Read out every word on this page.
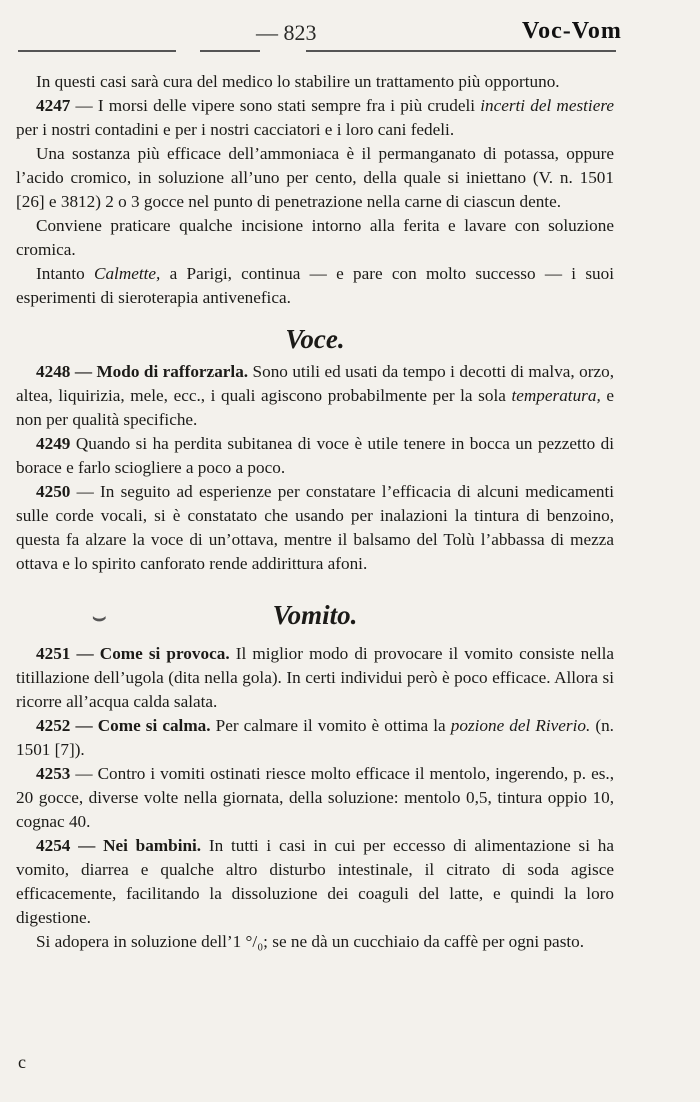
— 823	Voc-Vom

In questi casi sarà cura del medico lo stabilire un trattamento più opportuno.

4247 — I morsi delle vipere sono stati sempre fra i più crudeli incerti del mestiere per i nostri contadini e per i nostri cacciatori e i loro cani fedeli.

Una sostanza più efficace dell’ammoniaca è il permanganato di potassa, oppure l’acido cromico, in soluzione all’uno per cento, della quale si iniettano (V. n. 1501 [26] e 3812) 2 o 3 gocce nel punto di penetrazione nella carne di ciascun dente.

Conviene praticare qualche incisione intorno alla ferita e lavare con soluzione cromica.

Intanto Calmette, a Parigi, continua — e pare con molto successo — i suoi esperimenti di sieroterapia antivenefica.

Voce.

4248 — Modo di rafforzarla. Sono utili ed usati da tempo i decotti di malva, orzo, altea, liquirizia, mele, ecc., i quali agiscono probabilmente per la sola temperatura, e non per qualità specifiche.

4249 Quando si ha perdita subitanea di voce è utile tenere in bocca un pezzetto di borace e farlo sciogliere a poco a poco.

4250 — In seguito ad esperienze per constatare l’efficacia di alcuni medicamenti sulle corde vocali, si è constatato che usando per inalazioni la tintura di benzoino, questa fa alzare la voce di un’ottava, mentre il balsamo del Tolù l’abbassa di mezza ottava e lo spirito canforato rende addirittura afoni.

⌣	Vomito.

4251 — Come si provoca. Il miglior modo di provocare il vomito consiste nella titillazione dell’ugola (dita nella gola). In certi individui però è poco efficace. Allora si ricorre all’acqua calda salata.

4252 — Come si calma. Per calmare il vomito è ottima la pozione del Riverio. (n. 1501 [7]).

4253 — Contro i vomiti ostinati riesce molto efficace il mentolo, ingerendo, p. es., 20 gocce, diverse volte nella giornata, della soluzione: mentolo 0,5, tintura oppio 10, cognac 40.

4254 — Nei bambini. In tutti i casi in cui per eccesso di alimentazione si ha vomito, diarrea e qualche altro disturbo intestinale, il citrato di soda agisce efficacemente, facilitando la dissoluzione dei coaguli del latte, e quindi la loro digestione.

Si adopera in soluzione dell’1 °/₀; se ne dà un cucchiaio da caffè per ogni pasto.

c
